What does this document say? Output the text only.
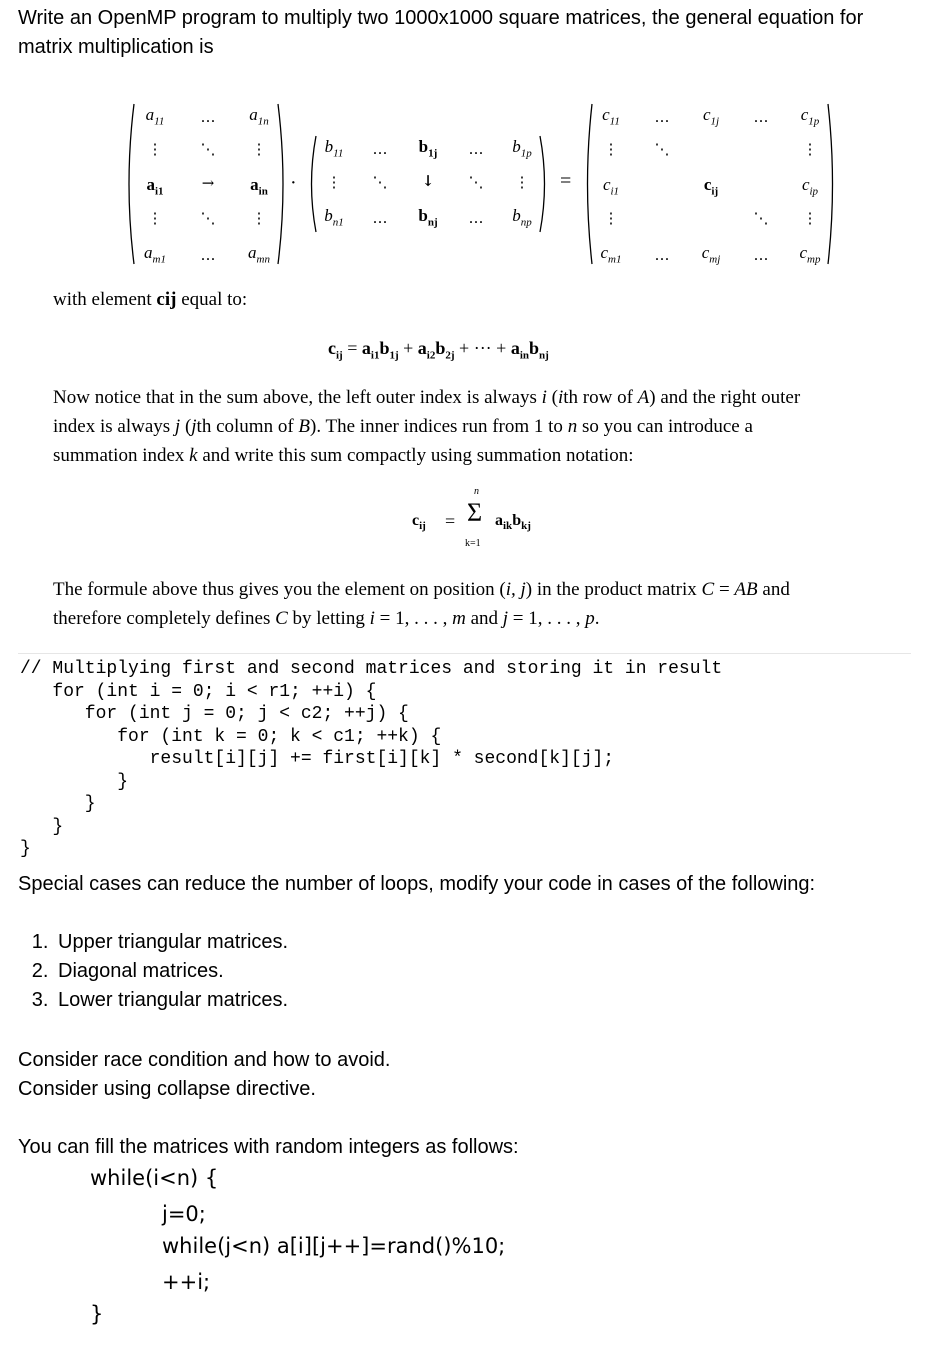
Write an OpenMP program to multiply two 1000x1000 square matrices, the general equation for matrix multiplication is
$a_{11}$ … $a_{1n}$
⋮	⋱ ⋮
$a_{i1}$	→ $a_{in}$
⋮	⋱ ⋮
$a_{m1}$ … $a_{mn}$
·
$b_{11}$ … $b_{1j}$ … $b_{1p}$
⋮ ⋱ ↓ ⋱ ⋮
$b_{n1}$ … $b_{nj}$ … $b_{np}$
=
$c_{11}$ … $c_{1j}$ … $c_{1p}$
⋮ ⋱	⋮
$c_{i1}$	$c_{ij}$	$c_{ip}$
⋮	⋱ ⋮
$c_{m1}$ … $c_{mj}$ … $c_{mp}$
with element cij equal to:
$c_{ij} = a_{i1}b_{1j} + a_{i2}b_{2j}$ + ··· + $a_{in}b_{nj}$
Now notice that in the sum above, the left outer index is always i (ith row of A) and the right outer
index is always j (jth column of B). The inner indices run from 1 to n so you can introduce a
summation index k and write this sum compactly using summation notation:
$c_{ij}$ =
n
Σ
k=1
$a_{ik}b_{kj}$
The formule above thus gives you the element on position (i, j) in the product matrix C = AB and
therefore completely defines C by letting i = 1, . . . , m and j = 1, . . . , p.
// Multiplying first and second matrices and storing it in result
for (int i = 0; i < r1; ++i) {
for (int j = 0; j < c2; ++j) {
for (int k = 0; k < c1; ++k) {
result[i][j] += first[i][k] * second[k][j];
}
}
}
}
Special cases can reduce the number of loops, modify your code in cases of the following:
1. Upper triangular matrices.
2. Diagonal matrices.
3. Lower triangular matrices.
Consider race condition and how to avoid.
Consider using collapse directive.
You can fill the matrices with random integers as follows:
while(i<n) {
j=0;
while(j<n) a[i][j++]=rand()%10;
++i;
}
